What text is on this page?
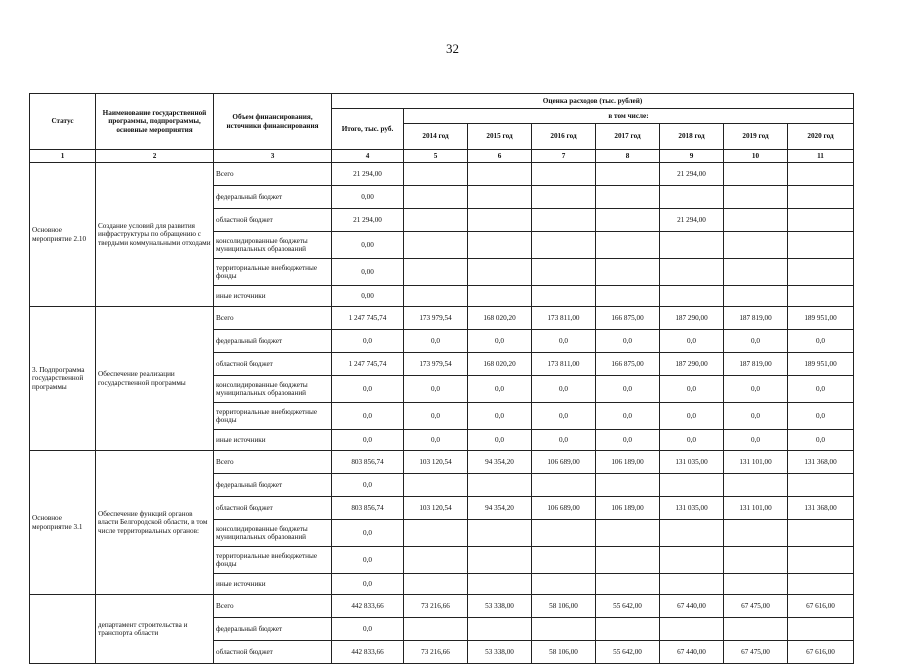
32
Статус	Наименование государственной программы, подпрограммы, основные мероприятия	Объем финансирования, источники финансирования	Оценка расходов (тыс. рублей)							
			Итого, тыс. руб.	в том числе:						
				2014 год	2015 год	2016 год	2017 год	2018 год	2019 год	2020 год
1	2	3	4	5	6	7	8	9	10	11
Основное мероприятие 2.10	Создание условий для развития инфраструктуры по обращению с твердыми коммунальными отходами	Всего	21 294,00					21 294,00		
		федеральный бюджет	0,00							
		областной бюджет	21 294,00					21 294,00		
		консолидированные бюджеты муниципальных образований	0,00							
		территориальные внебюджетные фонды	0,00							
		иные источники	0,00							
3. Подпрограмма государственной программы	Обеспечение реализации государственной программы	Всего	1 247 745,74	173 979,54	168 020,20	173 811,00	166 875,00	187 290,00	187 819,00	189 951,00
		федеральный бюджет	0,0	0,0	0,0	0,0	0,0	0,0	0,0	0,0
		областной бюджет	1 247 745,74	173 979,54	168 020,20	173 811,00	166 875,00	187 290,00	187 819,00	189 951,00
		консолидированные бюджеты муниципальных образований	0,0	0,0	0,0	0,0	0,0	0,0	0,0	0,0
		территориальные внебюджетные фонды	0,0	0,0	0,0	0,0	0,0	0,0	0,0	0,0
		иные источники	0,0	0,0	0,0	0,0	0,0	0,0	0,0	0,0
Основное мероприятие 3.1	Обеспечение функций органов власти Белгородской области, в том числе территориальных органов:	Всего	803 856,74	103 120,54	94 354,20	106 689,00	106 189,00	131 035,00	131 101,00	131 368,00
		федеральный бюджет	0,0							
		областной бюджет	803 856,74	103 120,54	94 354,20	106 689,00	106 189,00	131 035,00	131 101,00	131 368,00
		консолидированные бюджеты муниципальных образований	0,0							
		территориальные внебюджетные фонды	0,0							
		иные источники	0,0							
	департамент строительства и транспорта области	Всего	442 833,66	73 216,66	53 338,00	58 106,00	55 642,00	67 440,00	67 475,00	67 616,00
		федеральный бюджет	0,0							
		областной бюджет	442 833,66	73 216,66	53 338,00	58 106,00	55 642,00	67 440,00	67 475,00	67 616,00
